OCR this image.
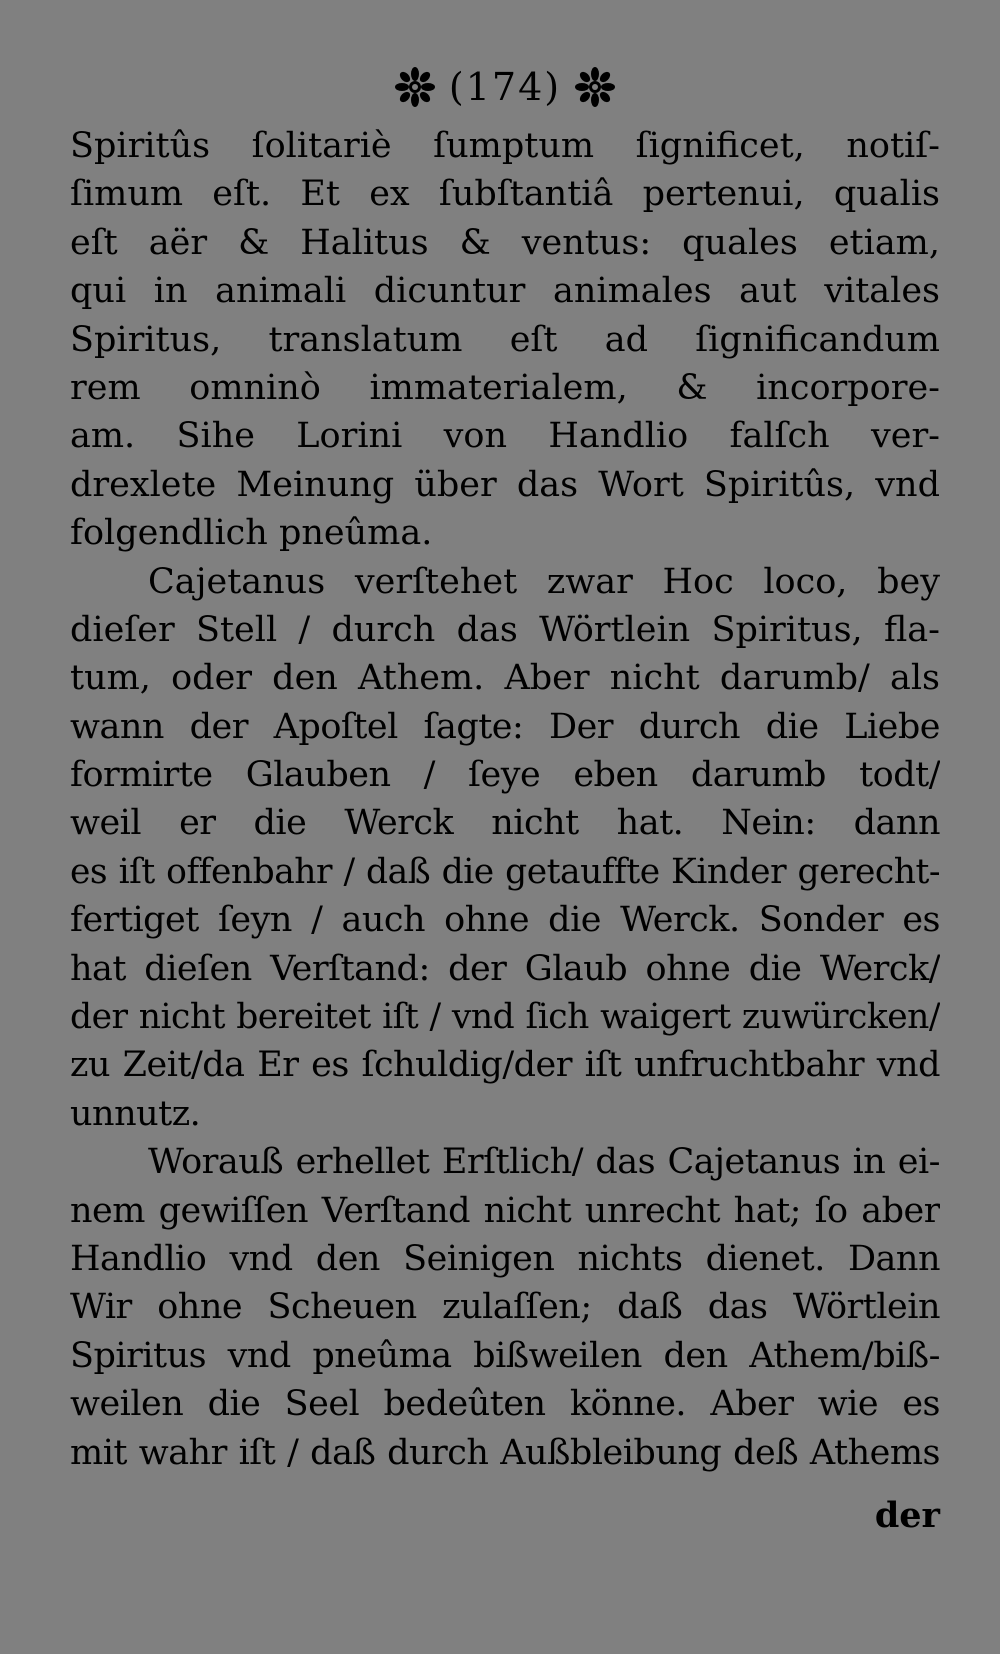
(174)
Spiritûs ſolitariè ſumptum ſignificet, notiſ-
ſimum eſt. Et ex ſubſtantiâ pertenui, qualis
eſt aër & Halitus & ventus: quales etiam,
qui in animali dicuntur animales aut vitales
Spiritus, translatum eſt ad ſignificandum
rem omninò immaterialem, & incorpore-
am. Sihe Lorini von Handlio falſch ver-
drexlete Meinung über das Wort Spiritûs, vnd
folgendlich pneûma.
Cajetanus verſtehet zwar Hoc loco, bey
dieſer Stell / durch das Wörtlein Spiritus, fla-
tum, oder den Athem. Aber nicht darumb/ als
wann der Apoſtel ſagte: Der durch die Liebe
formirte Glauben / ſeye eben darumb todt/
weil er die Werck nicht hat. Nein: dann
es iſt offenbahr / daß die getauffte Kinder gerecht-
fertiget ſeyn / auch ohne die Werck. Sonder es
hat dieſen Verſtand: der Glaub ohne die Werck/
der nicht bereitet iſt / vnd ſich waigert zuwürcken/
zu Zeit/da Er es ſchuldig/der iſt unfruchtbahr vnd
unnutz.
Worauß erhellet Erſtlich/ das Cajetanus in ei-
nem gewiſſen Verſtand nicht unrecht hat; ſo aber
Handlio vnd den Seinigen nichts dienet. Dann
Wir ohne Scheuen zulaſſen; daß das Wörtlein
Spiritus vnd pneûma bißweilen den Athem/biß-
weilen die Seel bedeûten könne. Aber wie es
mit wahr iſt / daß durch Außbleibung deß Athems
der
